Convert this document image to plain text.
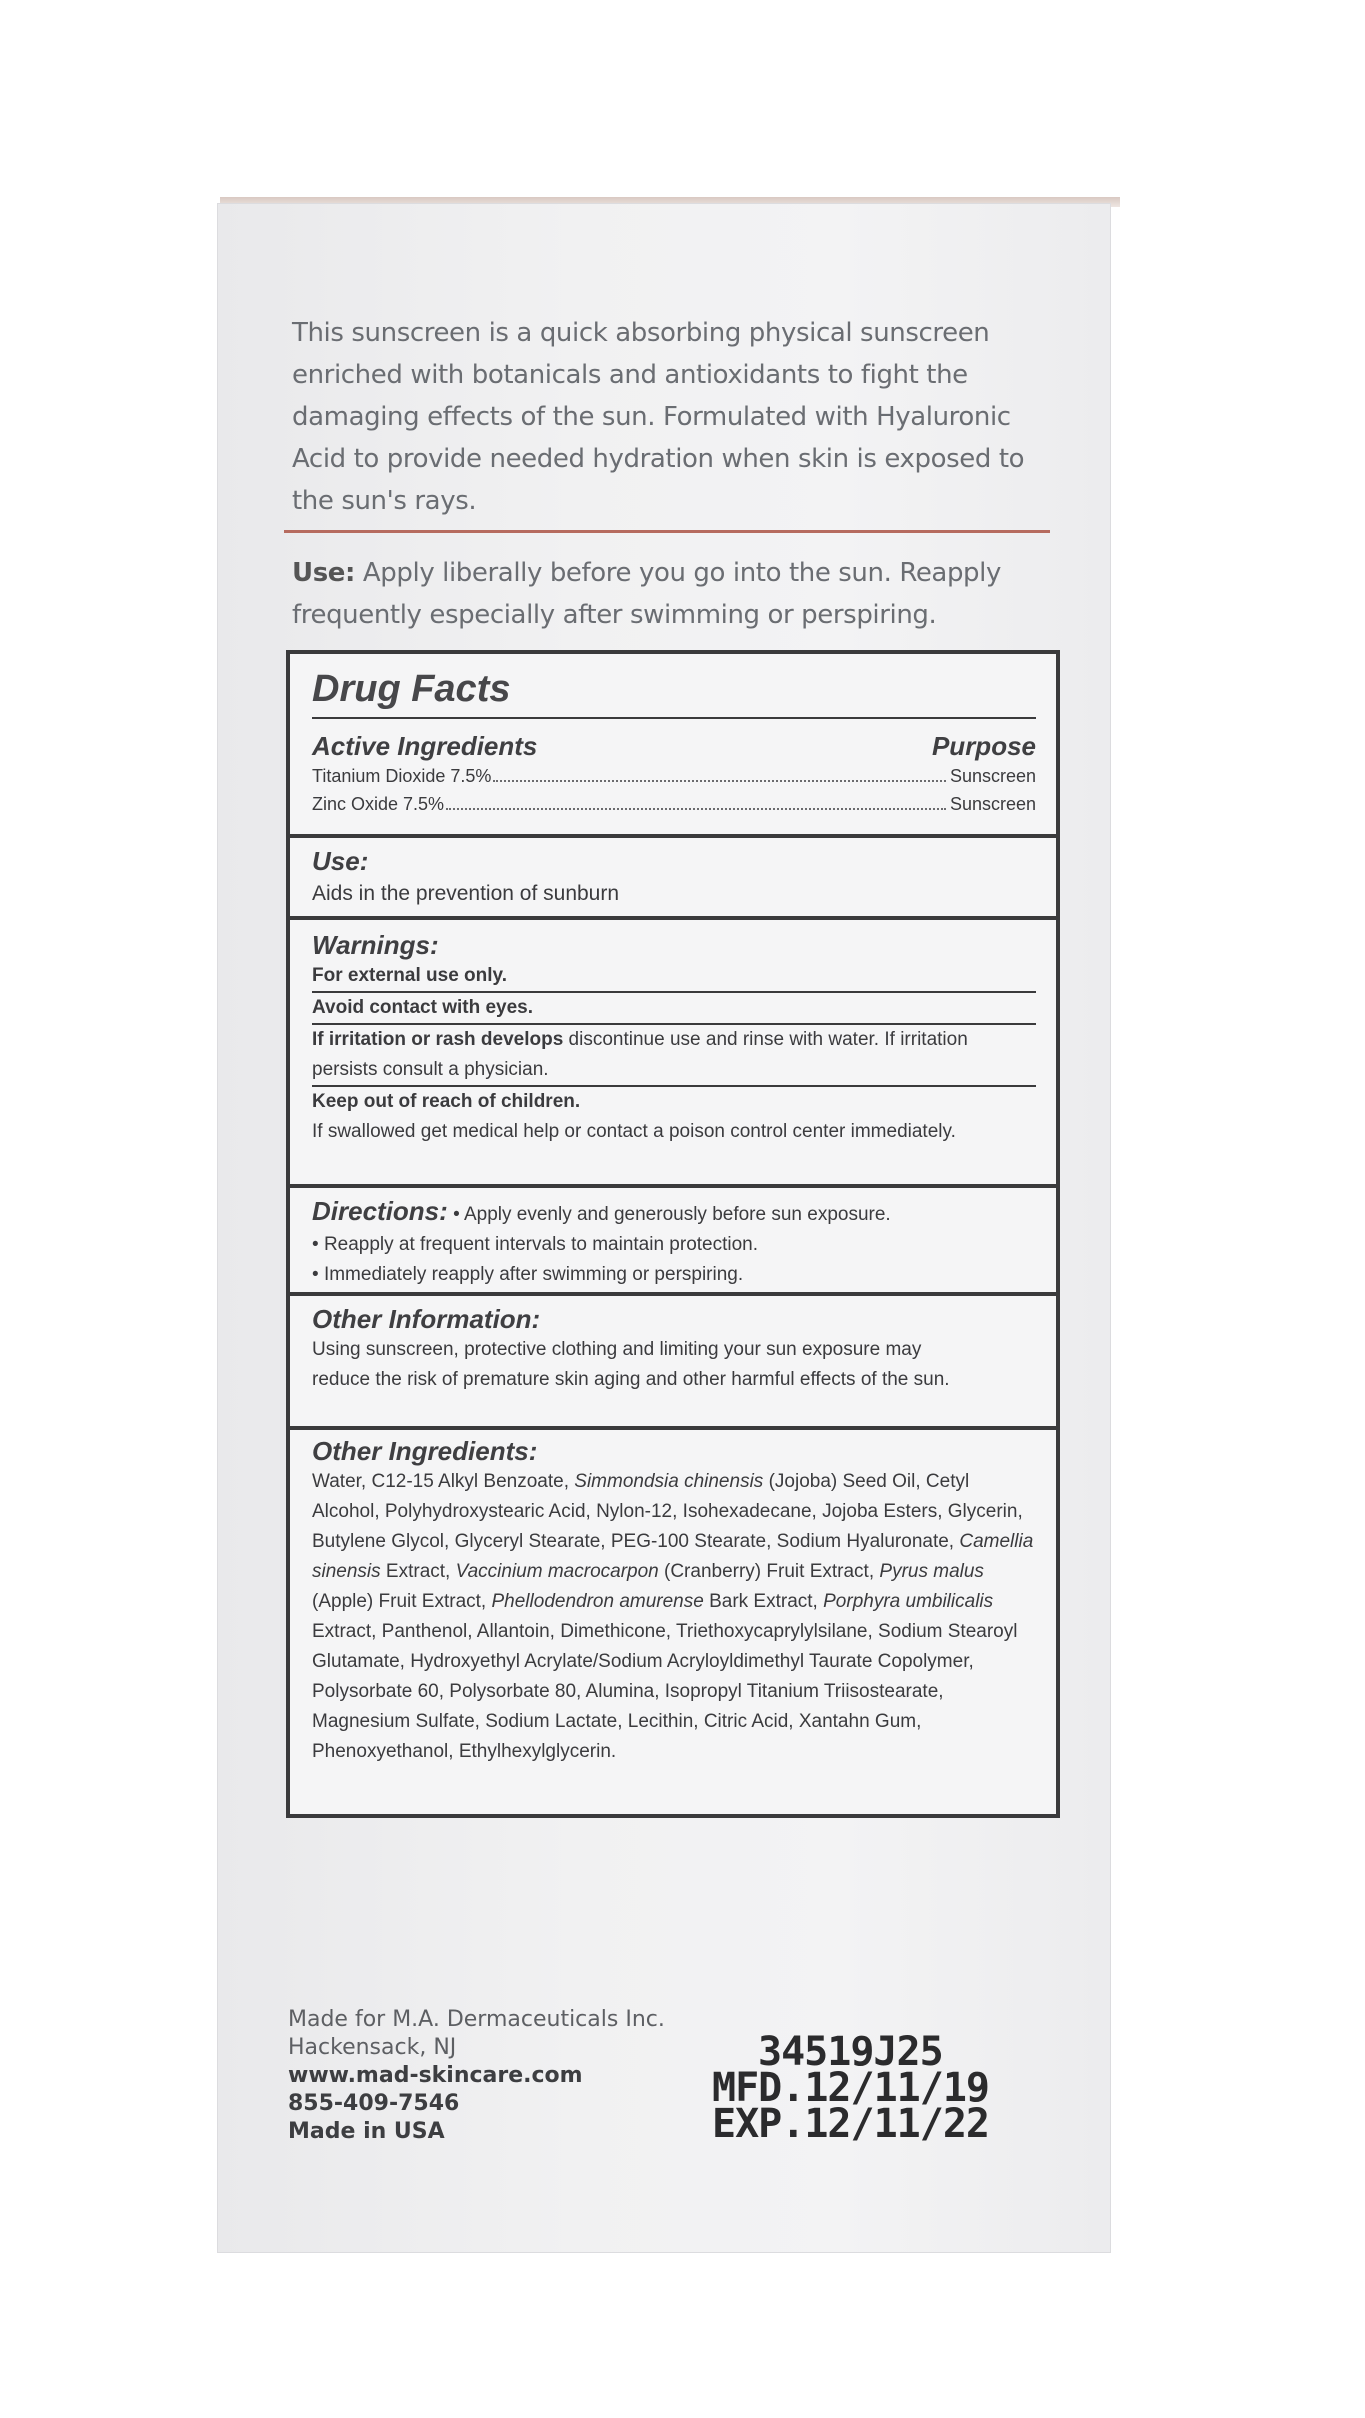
This sunscreen is a quick absorbing physical sunscreen enriched with botanicals and antioxidants to fight the damaging effects of the sun. Formulated with Hyaluronic Acid to provide needed hydration when skin is exposed to the sun's rays.
Use: Apply liberally before you go into the sun. Reapply frequently especially after swimming or perspiring.
Drug Facts
Active Ingredients	Purpose
Titanium Dioxide 7.5%	Sunscreen
Zinc Oxide 7.5%	Sunscreen
Use:
Aids in the prevention of sunburn
Warnings:
For external use only.
Avoid contact with eyes.
If irritation or rash develops discontinue use and rinse with water. If irritation persists consult a physician.
Keep out of reach of children.
If swallowed get medical help or contact a poison control center immediately.
Directions: • Apply evenly and generously before sun exposure.
• Reapply at frequent intervals to maintain protection.
• Immediately reapply after swimming or perspiring.
Other Information:
Using sunscreen, protective clothing and limiting your sun exposure may reduce the risk of premature skin aging and other harmful effects of the sun.
Other Ingredients:
Water, C12-15 Alkyl Benzoate, Simmondsia chinensis (Jojoba) Seed Oil, Cetyl Alcohol, Polyhydroxystearic Acid, Nylon-12, Isohexadecane, Jojoba Esters, Glycerin, Butylene Glycol, Glyceryl Stearate, PEG-100 Stearate, Sodium Hyaluronate, Camellia sinensis Extract, Vaccinium macrocarpon (Cranberry) Fruit Extract, Pyrus malus (Apple) Fruit Extract, Phellodendron amurense Bark Extract, Porphyra umbilicalis Extract, Panthenol, Allantoin, Dimethicone, Triethoxycaprylylsilane, Sodium Stearoyl Glutamate, Hydroxyethyl Acrylate/Sodium Acryloyldimethyl Taurate Copolymer, Polysorbate 60, Polysorbate 80, Alumina, Isopropyl Titanium Triisostearate, Magnesium Sulfate, Sodium Lactate, Lecithin, Citric Acid, Xantahn Gum, Phenoxyethanol, Ethylhexylglycerin.
Made for M.A. Dermaceuticals Inc.
Hackensack, NJ
www.mad-skincare.com
855-409-7546
Made in USA
34519J25
MFD.12/11/19
EXP.12/11/22
